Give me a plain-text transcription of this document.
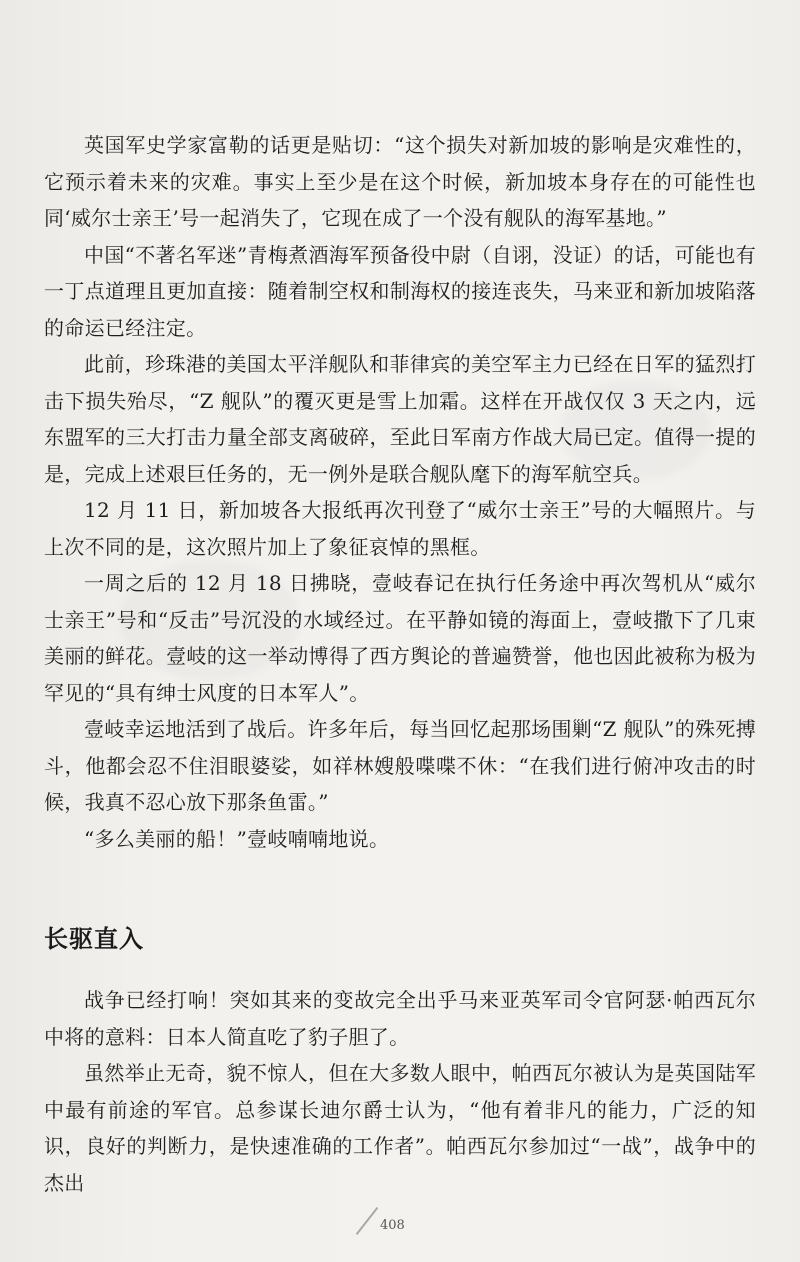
英国军史学家富勒的话更是贴切：“这个损失对新加坡的影响是灾难性的，它预示着未来的灾难。事实上至少是在这个时候，新加坡本身存在的可能性也同‘威尔士亲王’号一起消失了，它现在成了一个没有舰队的海军基地。”

中国“不著名军迷”青梅煮酒海军预备役中尉（自诩，没证）的话，可能也有一丁点道理且更加直接：随着制空权和制海权的接连丧失，马来亚和新加坡陷落的命运已经注定。

此前，珍珠港的美国太平洋舰队和菲律宾的美空军主力已经在日军的猛烈打击下损失殆尽，“Z 舰队”的覆灭更是雪上加霜。这样在开战仅仅 3 天之内，远东盟军的三大打击力量全部支离破碎，至此日军南方作战大局已定。值得一提的是，完成上述艰巨任务的，无一例外是联合舰队麾下的海军航空兵。

12 月 11 日，新加坡各大报纸再次刊登了“威尔士亲王”号的大幅照片。与上次不同的是，这次照片加上了象征哀悼的黑框。

一周之后的 12 月 18 日拂晓，壹岐春记在执行任务途中再次驾机从“威尔士亲王”号和“反击”号沉没的水域经过。在平静如镜的海面上，壹岐撒下了几束美丽的鲜花。壹岐的这一举动博得了西方舆论的普遍赞誉，他也因此被称为极为罕见的“具有绅士风度的日本军人”。

壹岐幸运地活到了战后。许多年后，每当回忆起那场围剿“Z 舰队”的殊死搏斗，他都会忍不住泪眼婆娑，如祥林嫂般喋喋不休：“在我们进行俯冲攻击的时候，我真不忍心放下那条鱼雷。”

“多么美丽的船！”壹岐喃喃地说。

长驱直入

战争已经打响！突如其来的变故完全出乎马来亚英军司令官阿瑟·帕西瓦尔中将的意料：日本人简直吃了豹子胆了。

虽然举止无奇，貌不惊人，但在大多数人眼中，帕西瓦尔被认为是英国陆军中最有前途的军官。总参谋长迪尔爵士认为，“他有着非凡的能力，广泛的知识，良好的判断力，是快速准确的工作者”。帕西瓦尔参加过“一战”，战争中的杰出

408
